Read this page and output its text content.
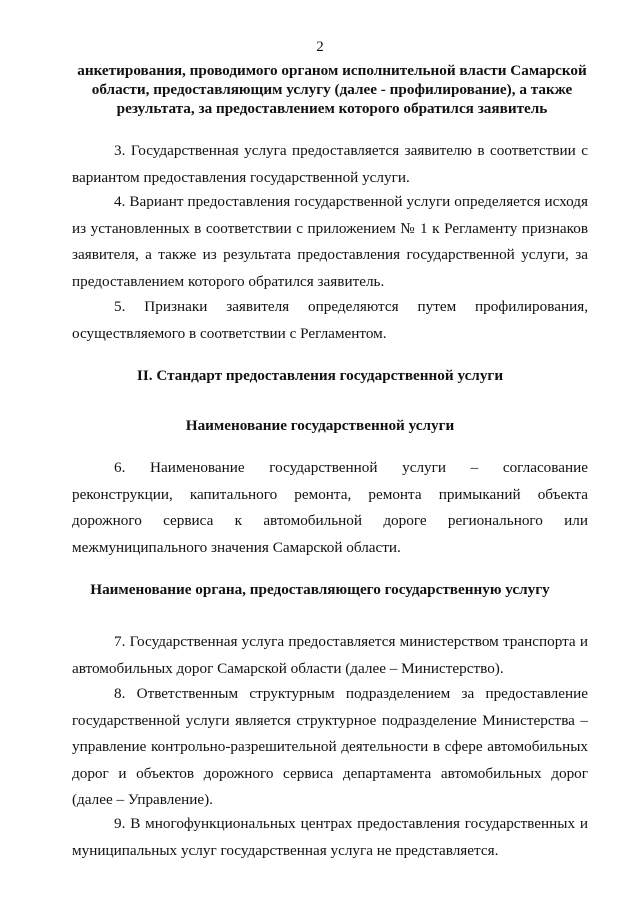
2
анкетирования, проводимого органом исполнительной власти Самарской области, предоставляющим услугу (далее - профилирование), а также результата, за предоставлением которого обратился заявитель

3. Государственная услуга предоставляется заявителю в соответствии с вариантом предоставления государственной услуги.

4. Вариант предоставления государственной услуги определяется исходя из установленных в соответствии с приложением № 1 к Регламенту признаков заявителя, а также из результата предоставления государственной услуги, за предоставлением которого обратился заявитель.

5. Признаки заявителя определяются путем профилирования, осуществляемого в соответствии с Регламентом.

II. Стандарт предоставления государственной услуги
Наименование государственной услуги

6. Наименование государственной услуги – согласование реконструкции, капитального ремонта, ремонта примыканий объекта дорожного сервиса к автомобильной дороге регионального или межмуниципального значения Самарской области.

Наименование органа, предоставляющего государственную услугу

7. Государственная услуга предоставляется министерством транспорта и автомобильных дорог Самарской области (далее – Министерство).

8. Ответственным структурным подразделением за предоставление государственной услуги является структурное подразделение Министерства – управление контрольно-разрешительной деятельности в сфере автомобильных дорог и объектов дорожного сервиса департамента автомобильных дорог (далее – Управление).

9. В многофункциональных центрах предоставления государственных и муниципальных услуг государственная услуга не представляется.
